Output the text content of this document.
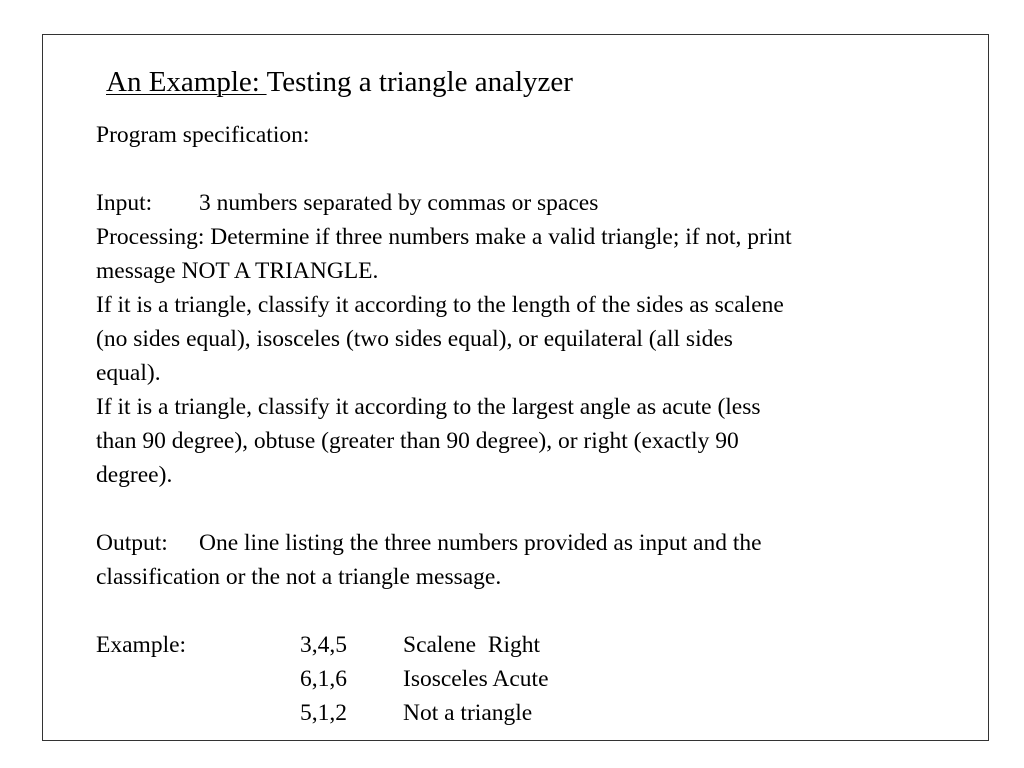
An Example: Testing a triangle analyzer
Program specification:
Input: 3 numbers separated by commas or spaces
Processing: Determine if three numbers make a valid triangle; if not, print
message NOT A TRIANGLE.
If it is a triangle, classify it according to the length of the sides as scalene
(no sides equal), isosceles (two sides equal), or equilateral (all sides
equal).
If it is a triangle, classify it according to the largest angle as acute (less
than 90 degree), obtuse (greater than 90 degree), or right (exactly 90
degree).
Output: One line listing the three numbers provided as input and the
classification or the not a triangle message.
Example:	3,4,5 Scalene  Right
6,1,6 Isosceles Acute
5,1,2 Not a triangle
